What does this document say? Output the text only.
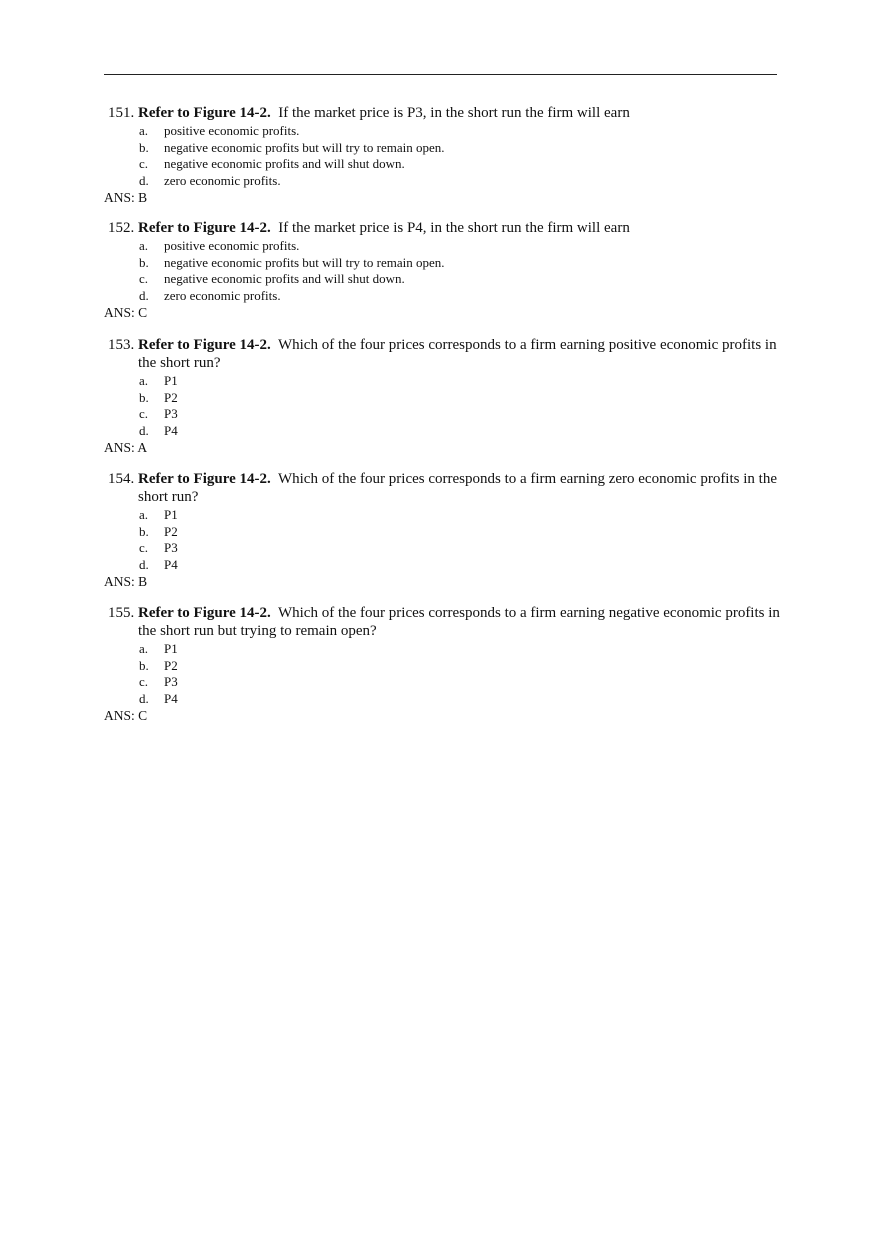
151. Refer to Figure 14-2. If the market price is P3, in the short run the firm will earn
a. positive economic profits.
b. negative economic profits but will try to remain open.
c. negative economic profits and will shut down.
d. zero economic profits.
ANS: B
152. Refer to Figure 14-2. If the market price is P4, in the short run the firm will earn
a. positive economic profits.
b. negative economic profits but will try to remain open.
c. negative economic profits and will shut down.
d. zero economic profits.
ANS: C
153. Refer to Figure 14-2. Which of the four prices corresponds to a firm earning positive economic profits in the short run?
a. P1
b. P2
c. P3
d. P4
ANS: A
154. Refer to Figure 14-2. Which of the four prices corresponds to a firm earning zero economic profits in the short run?
a. P1
b. P2
c. P3
d. P4
ANS: B
155. Refer to Figure 14-2. Which of the four prices corresponds to a firm earning negative economic profits in the short run but trying to remain open?
a. P1
b. P2
c. P3
d. P4
ANS: C
